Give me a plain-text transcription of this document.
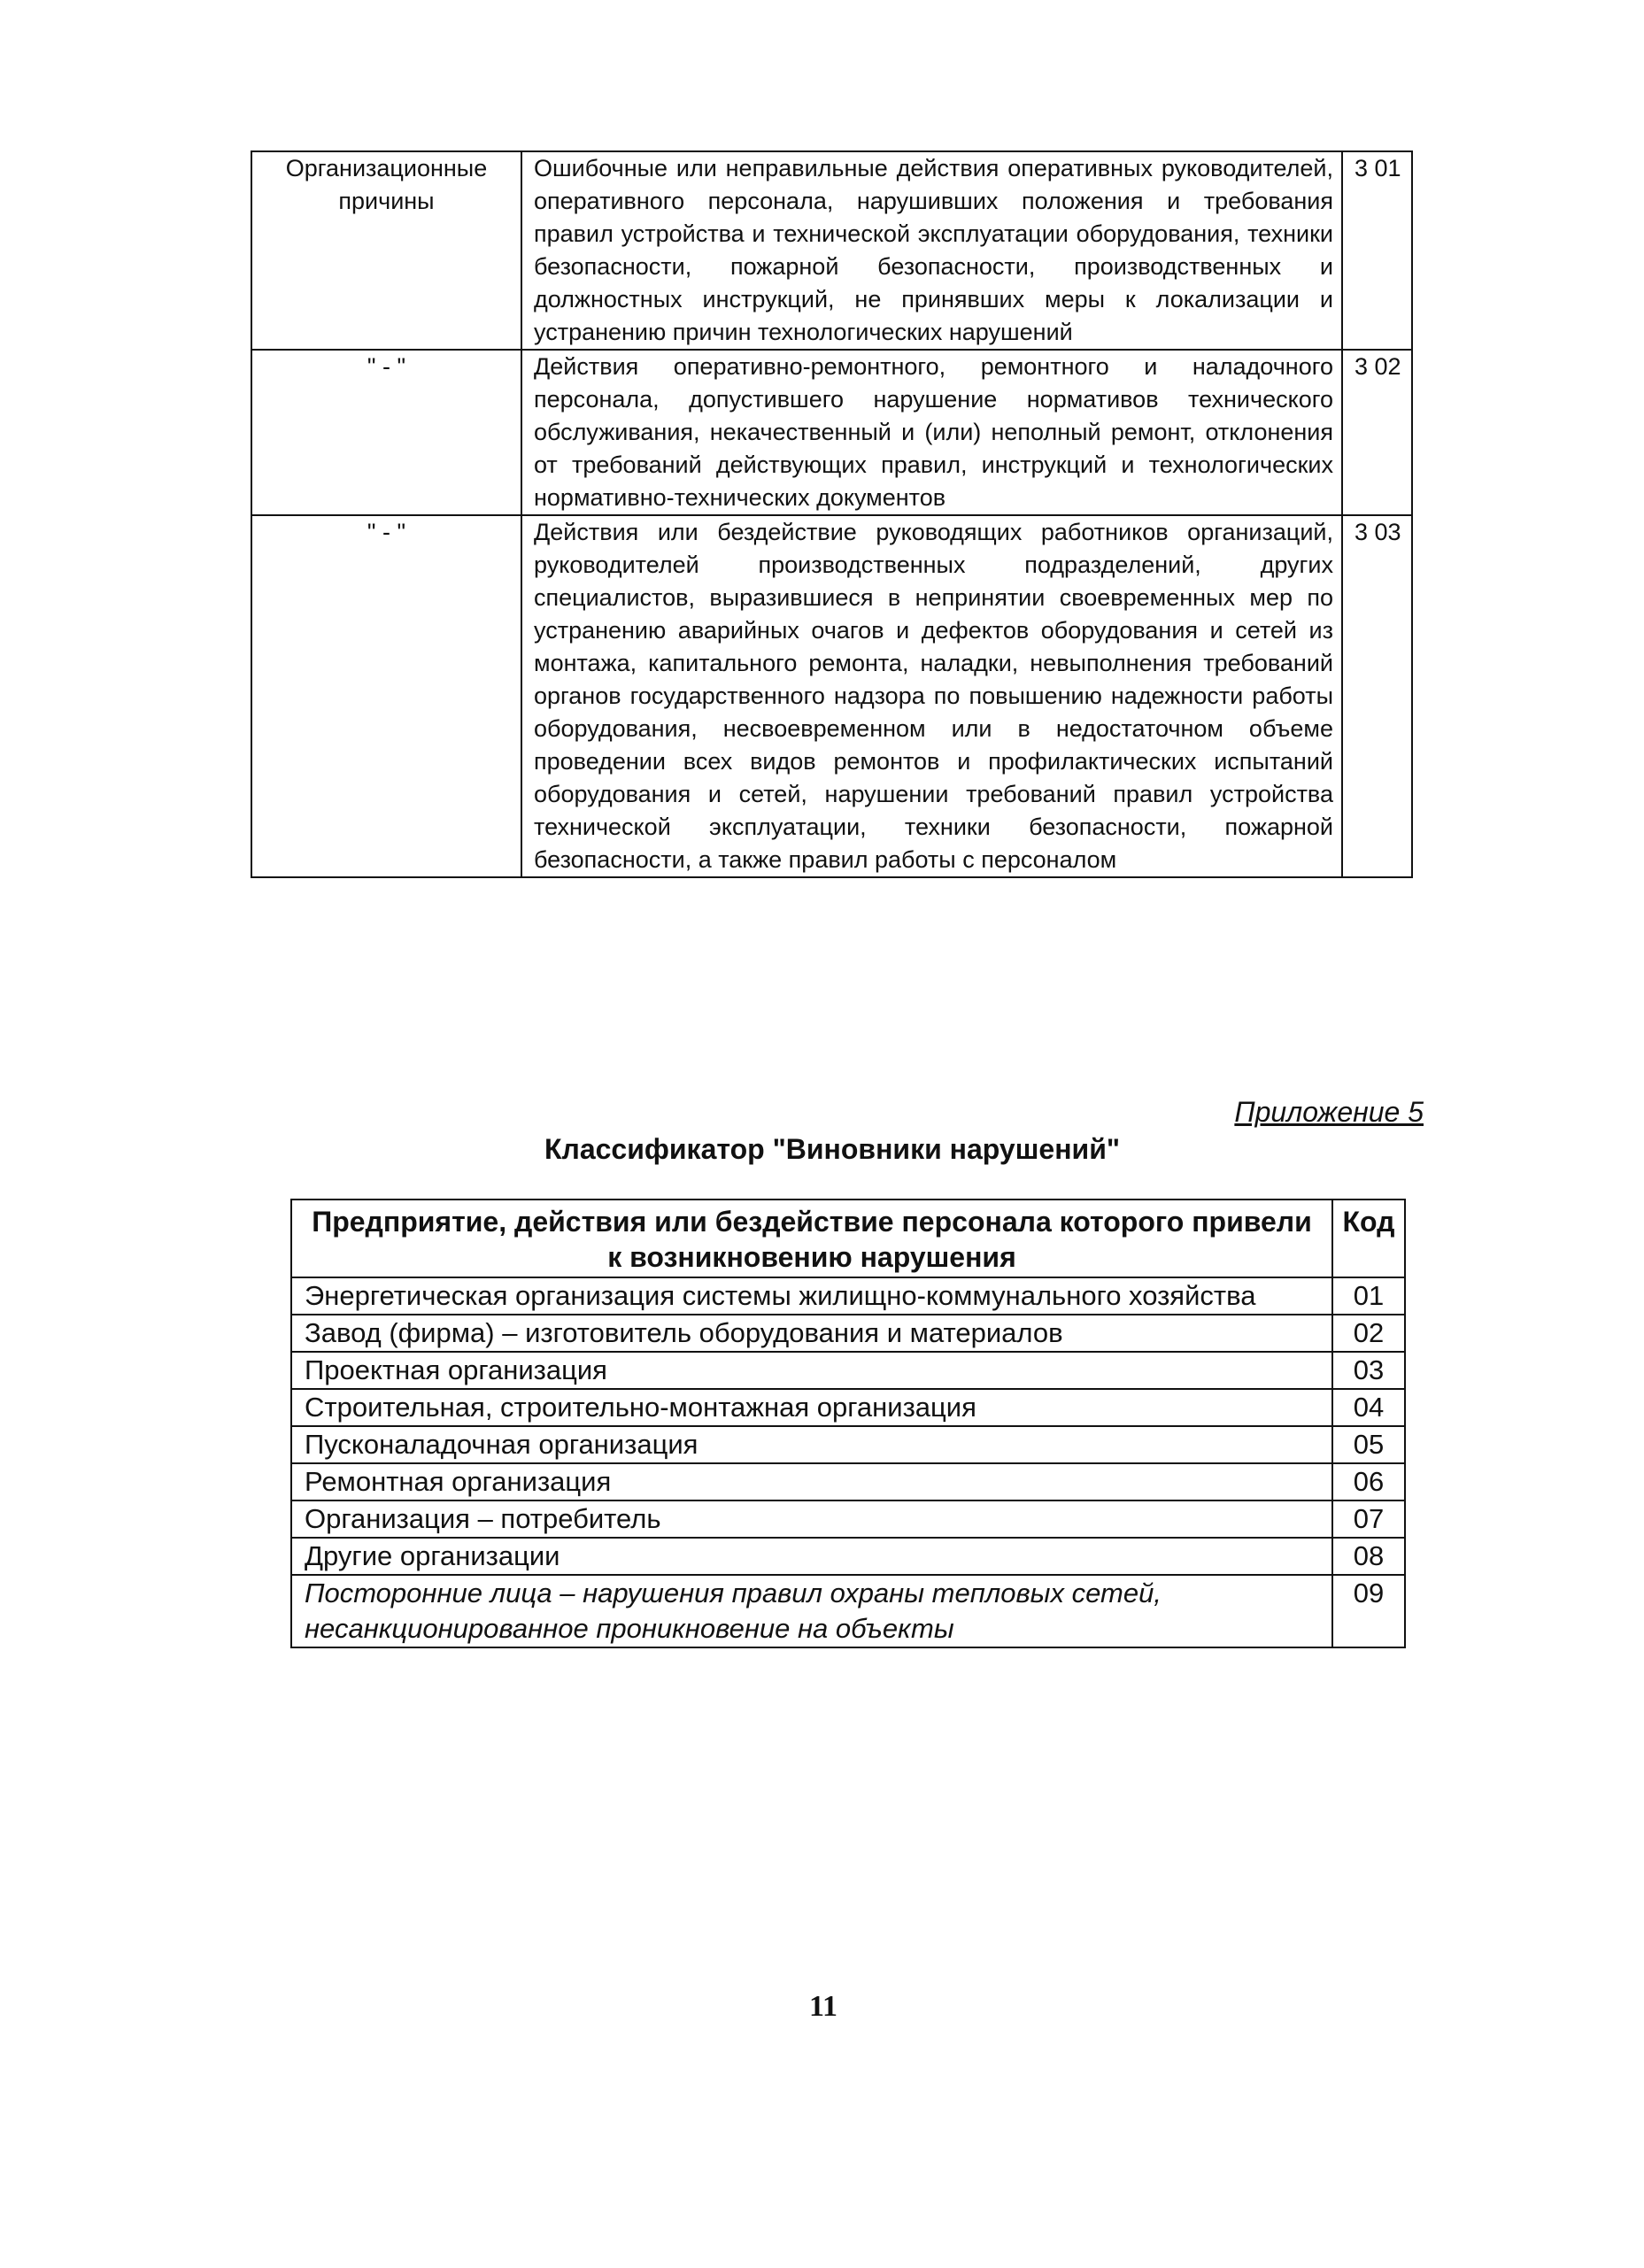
Организационные причины	Ошибочные или неправильные действия оперативных руководителей, оперативного персонала, нарушивших положения и требования правил устройства и технической эксплуатации оборудования, техники безопасности, пожарной безопасности, производственных и должностных инструкций, не принявших меры к локализации и устранению причин технологических нарушений	3 01

" - "	Действия оперативно-ремонтного, ремонтного и наладочного персонала, допустившего нарушение нормативов технического обслуживания, некачественный и (или) неполный ремонт, отклонения от требований действующих правил, инструкций и технологических нормативно-технических документов	3 02

" - "	Действия или бездействие руководящих работников организаций, руководителей производственных подразделений, других специалистов, выразившиеся в непринятии своевременных мер по устранению аварийных очагов и дефектов оборудования и сетей из монтажа, капитального ремонта, наладки, невыполнения требований органов государственного надзора по повышению надежности работы оборудования, несвоевременном или в недостаточном объеме проведении всех видов ремонтов и профилактических испытаний оборудования и сетей, нарушении требований правил устройства технической эксплуатации, техники безопасности, пожарной безопасности, а также правил работы с персоналом	3 03
Приложение 5
Классификатор "Виновники нарушений"
Предприятие, действия или бездействие персонала которого привели к возникновению нарушения	Код
Энергетическая организация системы жилищно-коммунального хозяйства	01
Завод (фирма) – изготовитель оборудования и материалов	02
Проектная организация	03
Строительная, строительно-монтажная организация	04
Пусконаладочная организация	05
Ремонтная организация	06
Организация – потребитель	07
Другие организации	08
Посторонние лица – нарушения правил охраны тепловых сетей, несанкционированное проникновение на объекты	09
11
